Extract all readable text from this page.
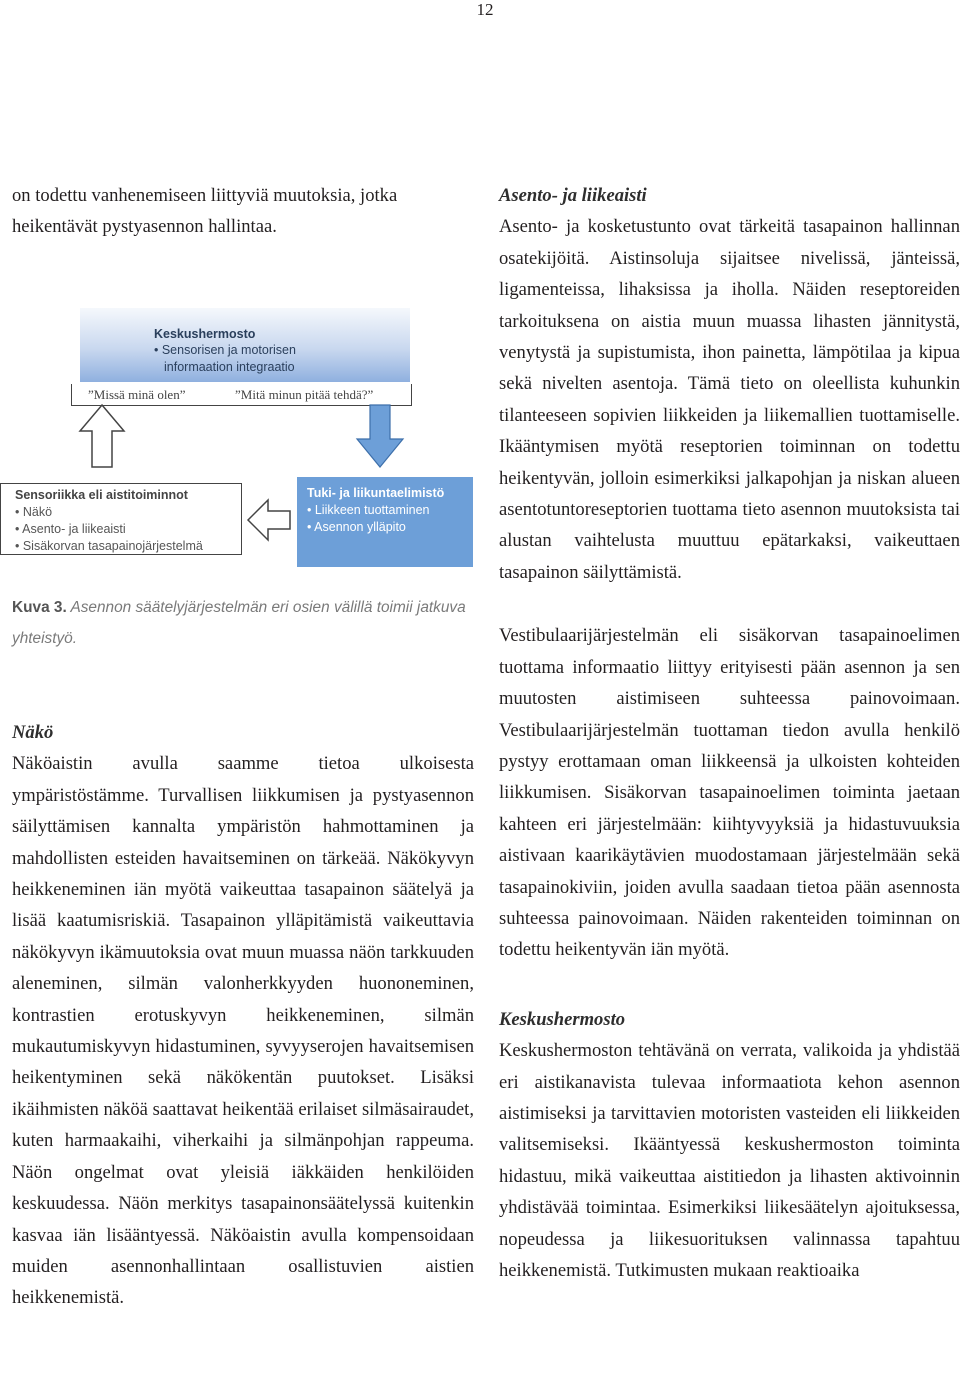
12
on todettu vanhenemiseen liittyviä muutoksia, jotka
heikentävät pystyasennon hallintaa.
Keskushermosto
• Sensorisen ja motorisen
informaation integraatio
”Missä minä olen”	”Mitä minun pitää tehdä?”
Sensoriikka eli aistitoiminnot
• Näkö
• Asento- ja liikeaisti
• Sisäkorvan tasapainojärjestelmä
Tuki- ja liikuntaelimistö
• Liikkeen tuottaminen
• Asennon ylläpito
Kuva 3. Asennon säätelyjärjestelmän eri osien välillä toimii jatkuva yhteistyö.

Näkö

Näköaistin avulla saamme tietoa ulkoisesta ympäristöstämme. Turvallisen liikkumisen ja pystyasennon säilyttämisen kannalta ympäristön hahmottaminen ja mahdollisten esteiden havaitseminen on tärkeää. Näkökyvyn heikkeneminen iän myötä vaikeuttaa tasapainon säätelyä ja lisää kaatumisriskiä. Tasapainon ylläpitämistä vaikeuttavia näkökyvyn ikämuutoksia ovat muun muassa näön tarkkuuden aleneminen, silmän valonherkkyyden huononeminen, kontrastien erotuskyvyn heikkeneminen, silmän mukautumiskyvyn hidastuminen, syvyyserojen havaitsemisen heikentyminen sekä näkökentän puutokset. Lisäksi ikäihmisten näköä saattavat heikentää erilaiset silmäsairaudet, kuten harmaakaihi, viherkaihi ja silmänpohjan rappeuma. Näön ongelmat ovat yleisiä iäkkäiden henkilöiden keskuudessa. Näön merkitys tasapainonsäätelyssä kuitenkin kasvaa iän lisääntyessä. Näköaistin avulla kompensoidaan muiden asennonhallintaan osallistuvien aistien heikkenemistä.

Asento- ja liikeaisti

Asento- ja kosketustunto ovat tärkeitä tasapainon hallinnan osatekijöitä. Aistinsoluja sijaitsee nivelissä, jänteissä, ligamenteissa, lihaksissa ja iholla. Näiden reseptoreiden tarkoituksena on aistia muun muassa lihasten jännitystä, venytystä ja supistumista, ihon painetta, lämpötilaa ja kipua sekä nivelten asentoja. Tämä tieto on oleellista kuhunkin tilanteeseen sopivien liikkeiden ja liikemallien tuottamiselle. Ikääntymisen myötä reseptorien toiminnan on todettu heikentyvän, jolloin esimerkiksi jalkapohjan ja niskan alueen asentotuntoreseptorien tuottama tieto asennon muutoksista tai alustan vaihtelusta muuttuu epätarkaksi, vaikeuttaen tasapainon säilyttämistä.

Vestibulaarijärjestelmän eli sisäkorvan tasapainoelimen tuottama informaatio liittyy erityisesti pään asennon ja sen muutosten aistimiseen suhteessa painovoimaan. Vestibulaarijärjestelmän tuottaman tiedon avulla henkilö pystyy erottamaan oman liikkeensä ja ulkoisten kohteiden liikkumisen. Sisäkorvan tasapainoelimen toiminta jaetaan kahteen eri järjestelmään: kiihtyvyyksiä ja hidastuvuuksia aistivaan kaarikäytävien muodostamaan järjestelmään sekä tasapainokiviin, joiden avulla saadaan tietoa pään asennosta suhteessa painovoimaan. Näiden rakenteiden toiminnan on todettu heikentyvän iän myötä.

Keskushermosto

Keskushermoston tehtävänä on verrata, valikoida ja yhdistää eri aistikanavista tulevaa informaatiota kehon asennon aistimiseksi ja tarvittavien motoristen vasteiden eli liikkeiden valitsemiseksi. Ikääntyessä keskushermoston toiminta hidastuu, mikä vaikeuttaa aistitiedon ja lihasten aktivoinnin yhdistävää toimintaa. Esimerkiksi liikesäätelyn ajoituksessa, nopeudessa ja liikesuorituksen valinnassa tapahtuu heikkenemistä. Tutkimusten mukaan reaktioaika
